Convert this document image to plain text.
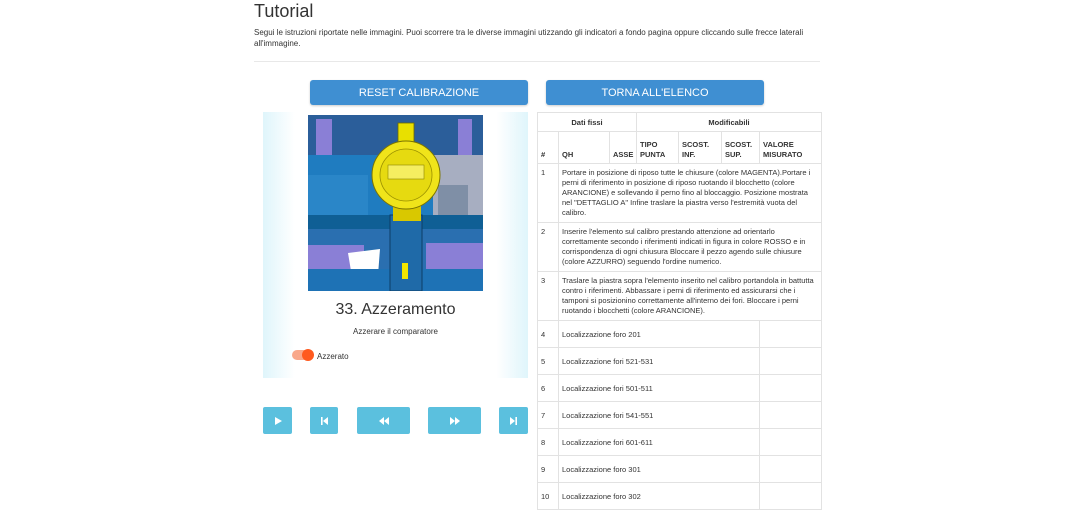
Tutorial
Segui le istruzioni riportate nelle immagini. Puoi scorrere tra le diverse immagini utizzando gli indicatori a fondo pagina oppure cliccando sulle frecce laterali all'immagine.
RESET CALIBRAZIONE	TORNA ALL'ELENCO
33. Azzeramento
Azzerare il comparatore
Azzerato
Dati fissi			Modificabili			
#	QH	ASSE	TIPO PUNTA	SCOST. INF.	SCOST. SUP.	VALORE MISURATO
1	Portare in posizione di riposo tutte le chiusure (colore MAGENTA).Portare i perni di riferimento in posizione di riposo ruotando il blocchetto (colore ARANCIONE) e sollevando il perno fino al bloccaggio. Posizione mostrata nel "DETTAGLIO A" Infine traslare la piastra verso l'estremità vuota del calibro.					
2	Inserire l'elemento sul calibro prestando attenzione ad orientarlo correttamente secondo i riferimenti indicati in figura in colore ROSSO e in corrispondenza di ogni chiusura Bloccare il pezzo agendo sulle chiusure (colore AZZURRO) seguendo l'ordine numerico.					
3	Traslare la piastra sopra l'elemento inserito nel calibro portandola in battutta contro i riferimenti. Abbassare i perni di riferimento ed assicurarsi che i tamponi si posizionino correttamente all'interno dei fori. Bloccare i perni ruotando i blocchetti (colore ARANCIONE).					
4	Localizzazione foro 201					
5	Localizzazione fori 521-531					
6	Localizzazione fori 501-511					
7	Localizzazione fori 541-551					
8	Localizzazione fori 601-611					
9	Localizzazione foro 301					
10	Localizzazione foro 302					
